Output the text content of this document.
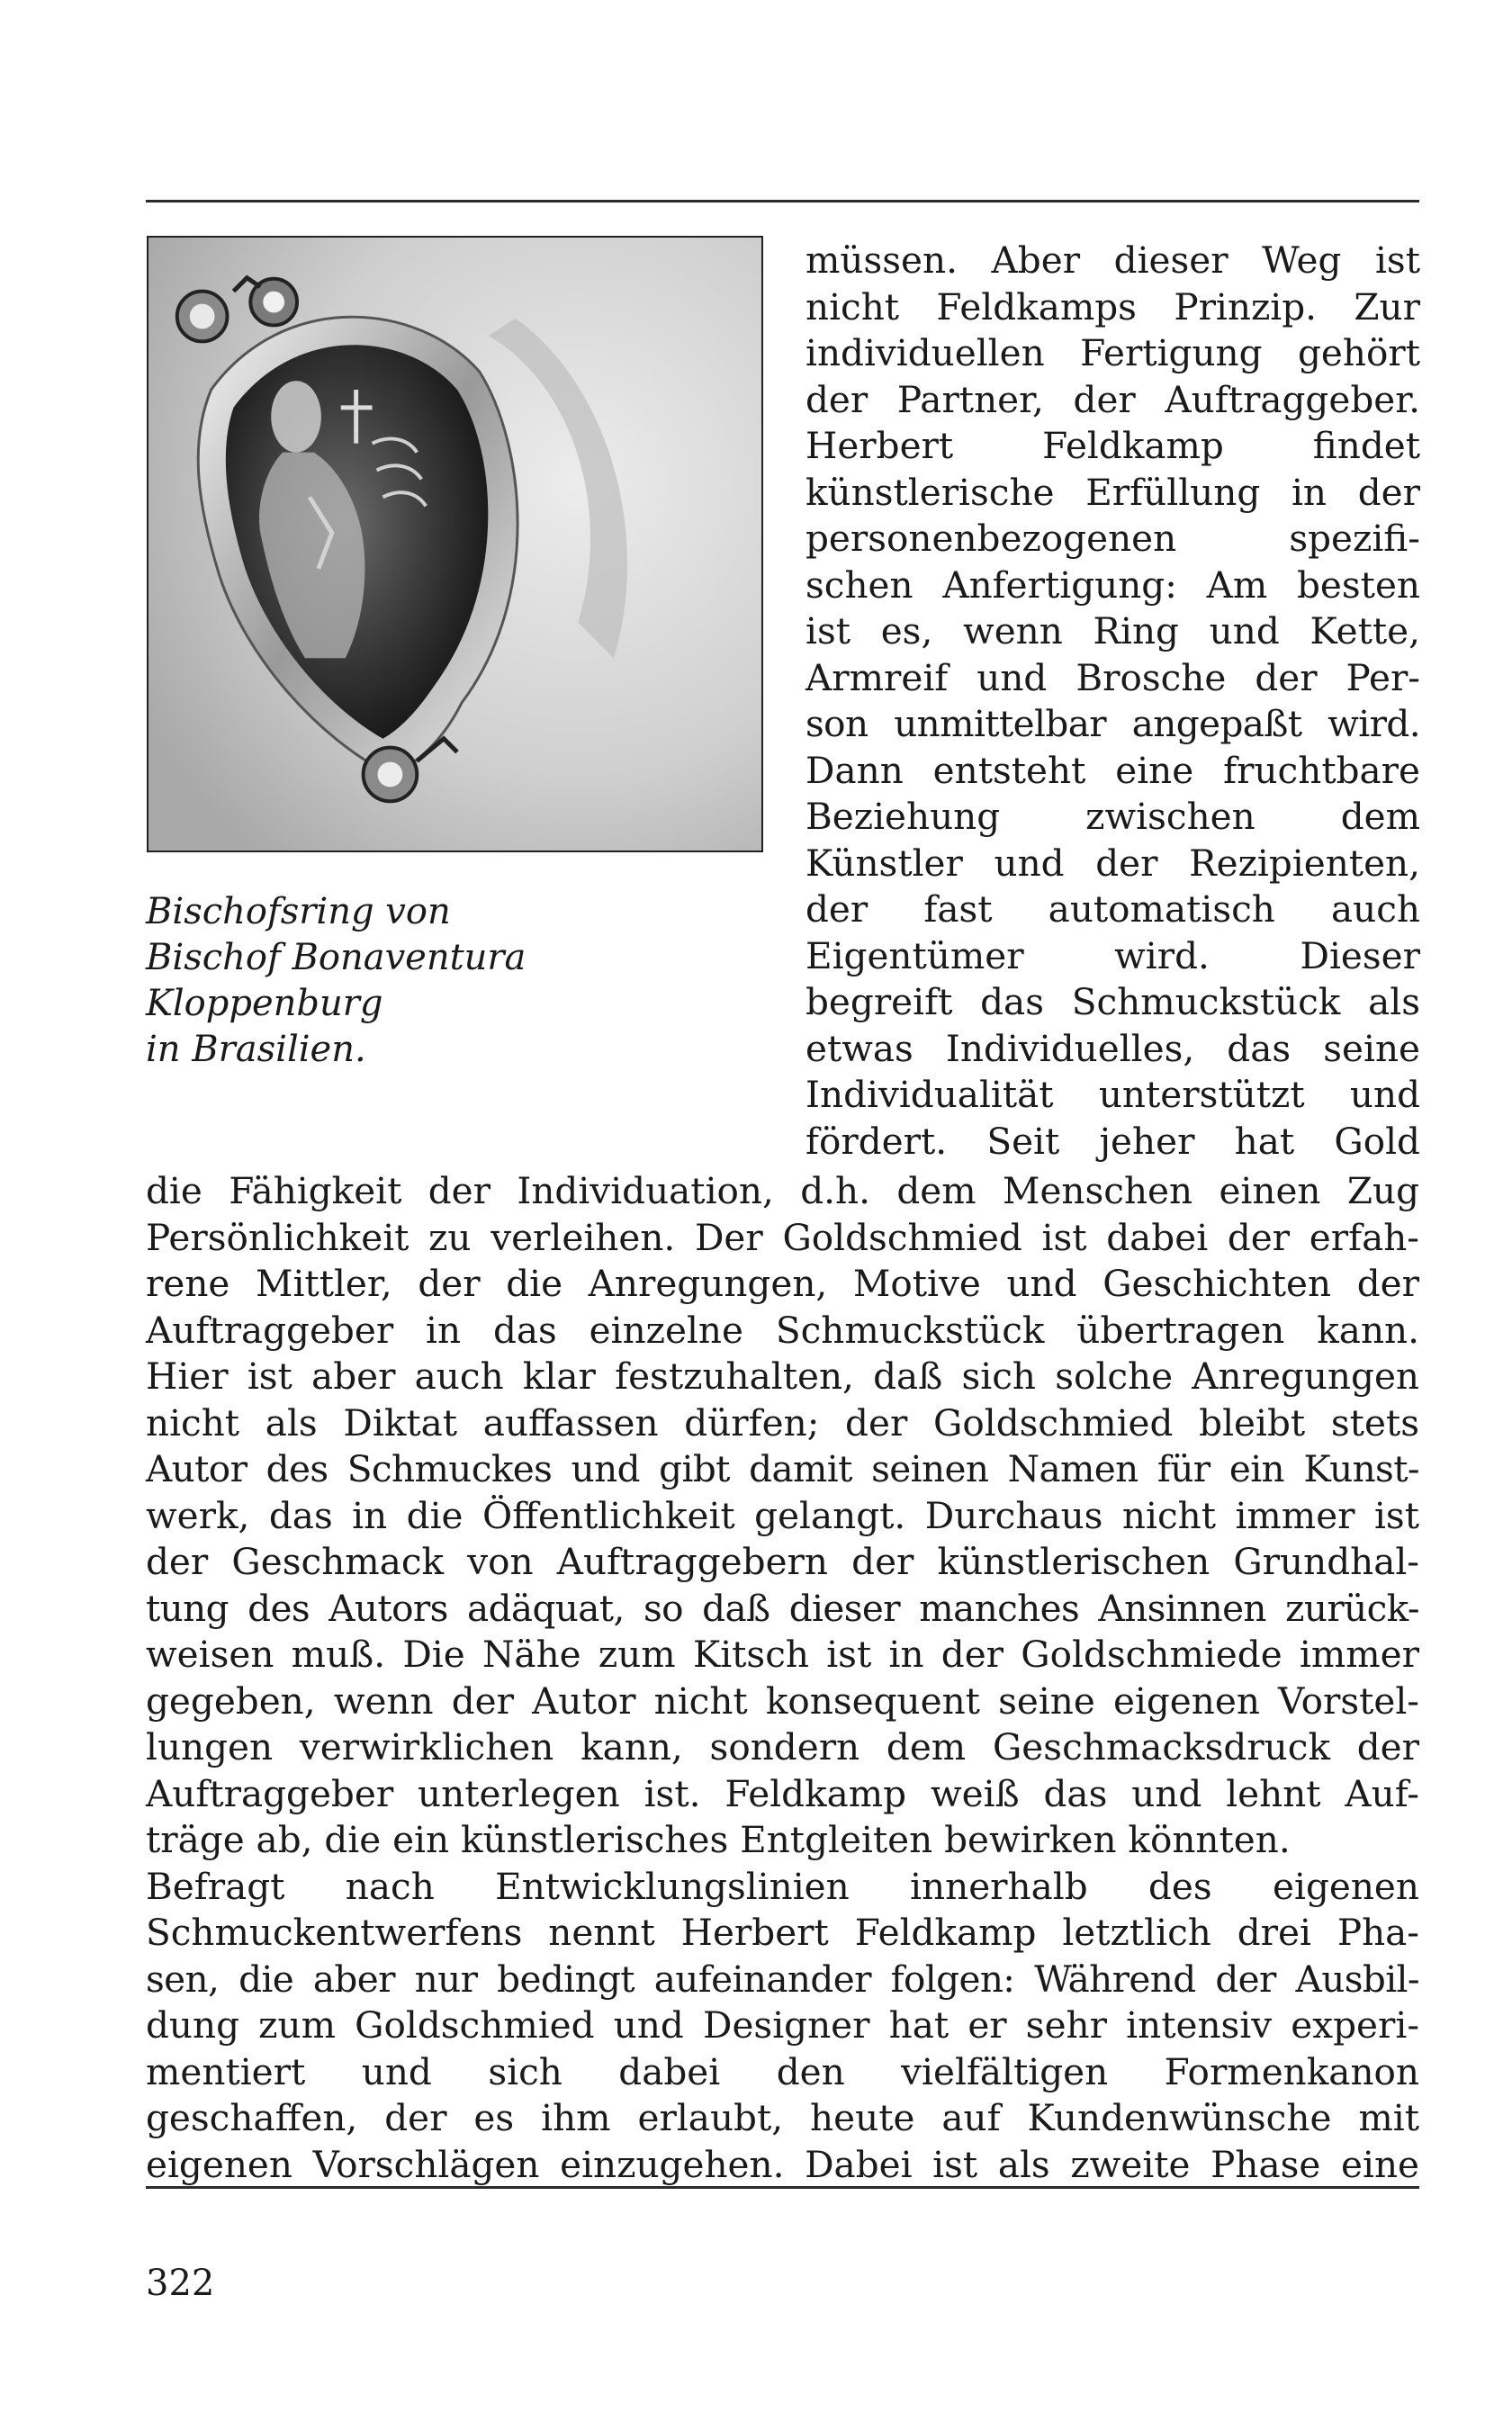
Bischofsring von
Bischof Bonaventura
Kloppenburg
in Brasilien.
müssen. Aber dieser Weg ist
nicht Feldkamps Prinzip. Zur
individuellen Fertigung gehört
der Partner, der Auftraggeber.
Herbert Feldkamp findet
künstlerische Erfüllung in der
personenbezogenen spezifi-
schen Anfertigung: Am besten
ist es, wenn Ring und Kette,
Armreif und Brosche der Per-
son unmittelbar angepaßt wird.
Dann entsteht eine fruchtbare
Beziehung zwischen dem
Künstler und der Rezipienten,
der fast automatisch auch
Eigentümer wird. Dieser
begreift das Schmuckstück als
etwas Individuelles, das seine
Individualität unterstützt und
fördert. Seit jeher hat Gold
die Fähigkeit der Individuation, d.h. dem Menschen einen Zug
Persönlichkeit zu verleihen. Der Goldschmied ist dabei der erfah-
rene Mittler, der die Anregungen, Motive und Geschichten der
Auftraggeber in das einzelne Schmuckstück übertragen kann.
Hier ist aber auch klar festzuhalten, daß sich solche Anregungen
nicht als Diktat auffassen dürfen; der Goldschmied bleibt stets
Autor des Schmuckes und gibt damit seinen Namen für ein Kunst-
werk, das in die Öffentlichkeit gelangt. Durchaus nicht immer ist
der Geschmack von Auftraggebern der künstlerischen Grundhal-
tung des Autors adäquat, so daß dieser manches Ansinnen zurück-
weisen muß. Die Nähe zum Kitsch ist in der Goldschmiede immer
gegeben, wenn der Autor nicht konsequent seine eigenen Vorstel-
lungen verwirklichen kann, sondern dem Geschmacksdruck der
Auftraggeber unterlegen ist. Feldkamp weiß das und lehnt Auf-
träge ab, die ein künstlerisches Entgleiten bewirken könnten.
Befragt nach Entwicklungslinien innerhalb des eigenen
Schmuckentwerfens nennt Herbert Feldkamp letztlich drei Pha-
sen, die aber nur bedingt aufeinander folgen: Während der Ausbil-
dung zum Goldschmied und Designer hat er sehr intensiv experi-
mentiert und sich dabei den vielfältigen Formenkanon
geschaffen, der es ihm erlaubt, heute auf Kundenwünsche mit
eigenen Vorschlägen einzugehen. Dabei ist als zweite Phase eine
322
